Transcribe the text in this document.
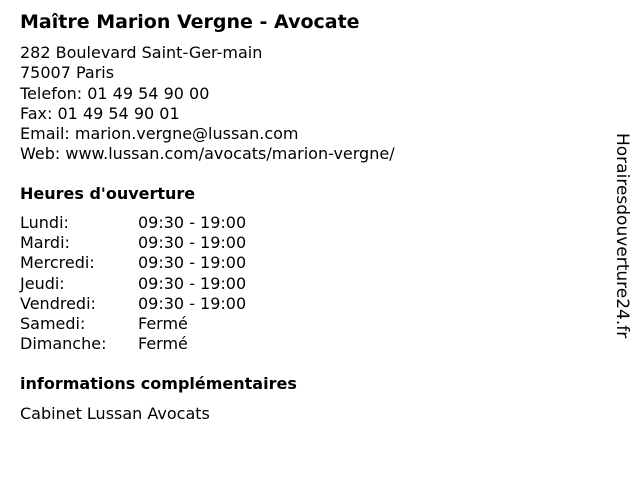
Maître Marion Vergne - Avocate
282 Boulevard Saint-Ger-main
75007 Paris
Telefon: 01 49 54 90 00
Fax: 01 49 54 90 01
Email: marion.vergne@lussan.com
Web: www.lussan.com/avocats/marion-vergne/
Heures d'ouverture
Lundi:	09:30 - 19:00
Mardi:	09:30 - 19:00
Mercredi:	09:30 - 19:00
Jeudi:	09:30 - 19:00
Vendredi:	09:30 - 19:00
Samedi:	Fermé
Dimanche:	Fermé
informations complémentaires
Cabinet Lussan Avocats
Horairesdouverture24.fr
